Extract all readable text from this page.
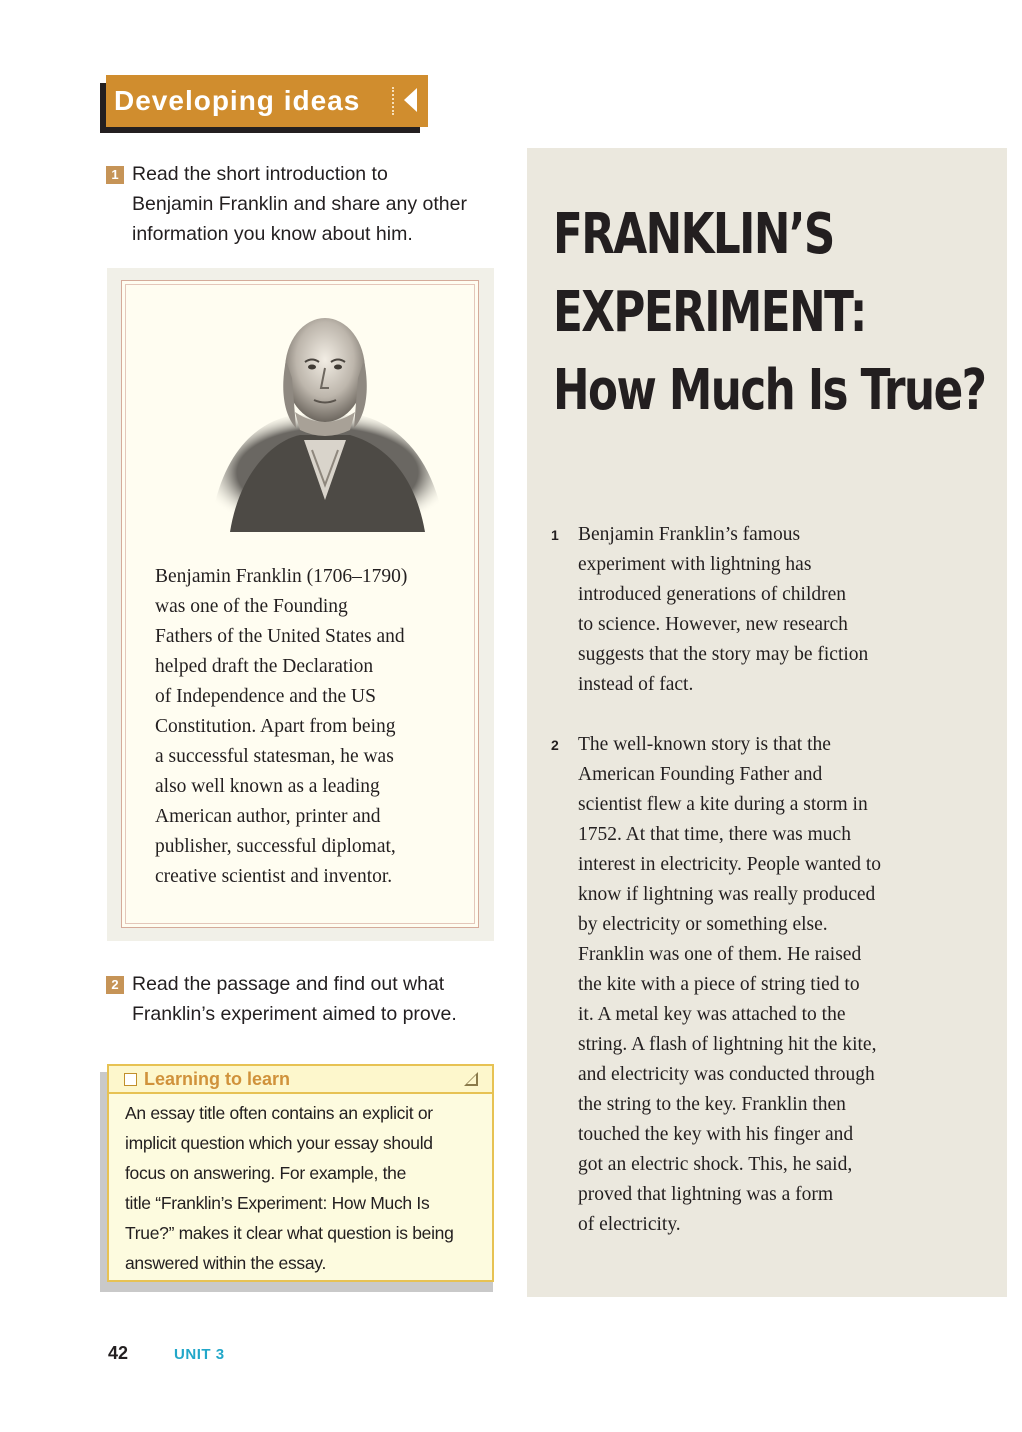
Developing ideas
1 Read the short introduction to
Benjamin Franklin and share any other
information you know about him.
Benjamin Franklin (1706–1790)
was one of the Founding
Fathers of the United States and
helped draft the Declaration
of Independence and the US
Constitution. Apart from being
a successful statesman, he was
also well known as a leading
American author, printer and
publisher, successful diplomat,
creative scientist and inventor.
2 Read the passage and find out what
Franklin’s experiment aimed to prove.
Learning to learn
An essay title often contains an explicit or
implicit question which your essay should
focus on answering. For example, the
title “Franklin’s Experiment: How Much Is
True?” makes it clear what question is being
answered within the essay.
FRANKLIN’S
EXPERIMENT:
How Much Is True?
1 Benjamin Franklin’s famous
experiment with lightning has
introduced generations of children
to science. However, new research
suggests that the story may be fiction
instead of fact.
2 The well-known story is that the
American Founding Father and
scientist flew a kite during a storm in
1752. At that time, there was much
interest in electricity. People wanted to
know if lightning was really produced
by electricity or something else.
Franklin was one of them. He raised
the kite with a piece of string tied to
it. A metal key was attached to the
string. A flash of lightning hit the kite,
and electricity was conducted through
the string to the key. Franklin then
touched the key with his finger and
got an electric shock. This, he said,
proved that lightning was a form
of electricity.
42	UNIT 3
